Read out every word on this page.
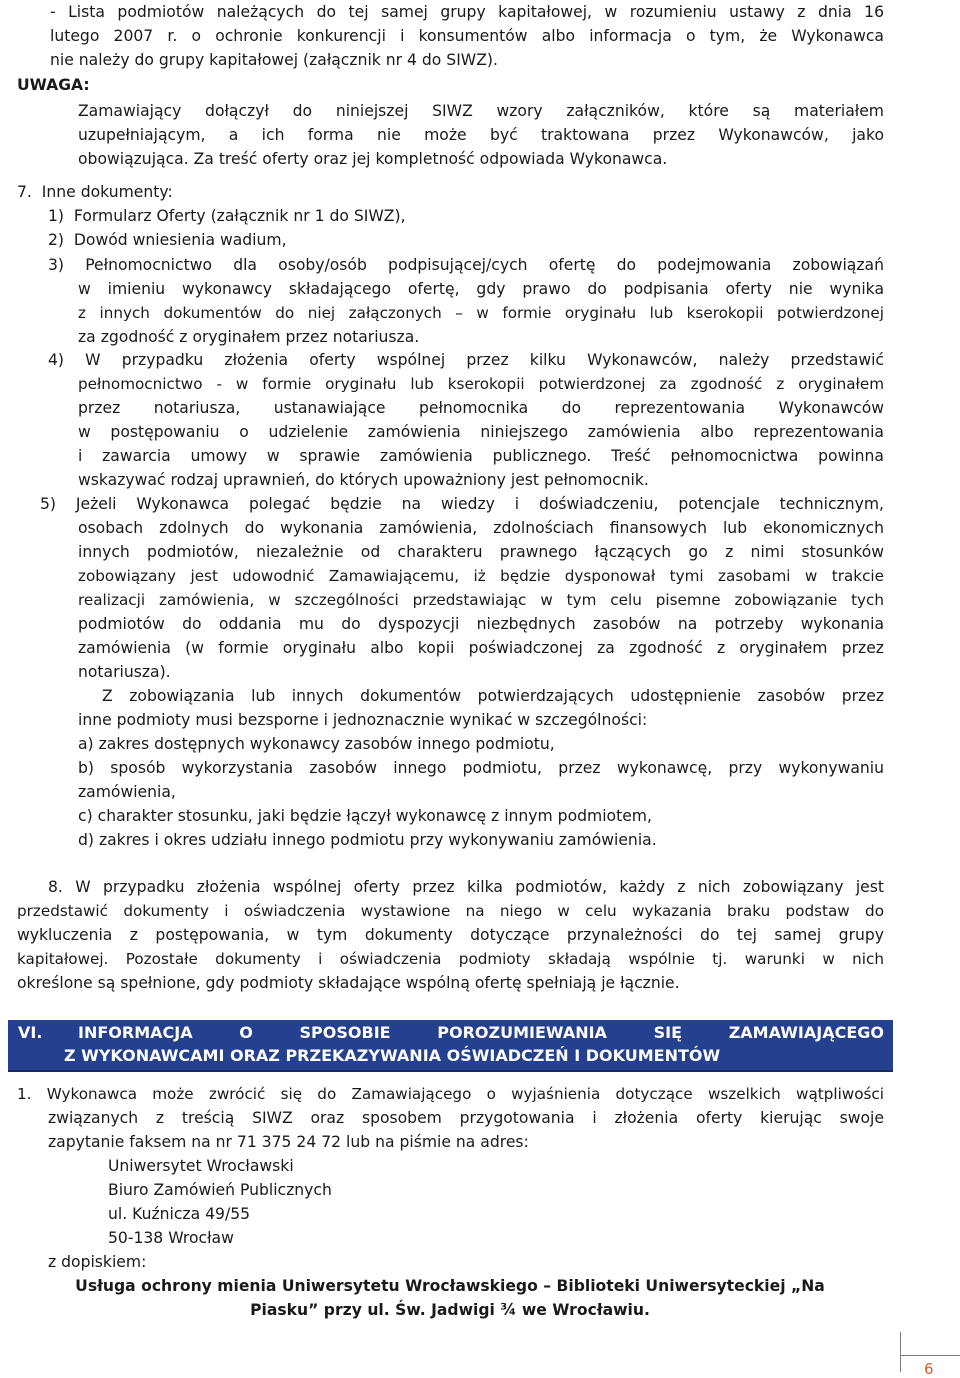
- Lista podmiotów należących do tej samej grupy kapitałowej, w rozumieniu ustawy z dnia 16
lutego 2007 r. o ochronie konkurencji i konsumentów albo informacja o tym, że Wykonawca
nie należy do grupy kapitałowej (załącznik nr 4 do SIWZ).
UWAGA:
Zamawiający dołączył do niniejszej SIWZ wzory załączników, które są materiałem
uzupełniającym, a ich forma nie może być traktowana przez Wykonawców, jako
obowiązująca. Za treść oferty oraz jej kompletność odpowiada Wykonawca.
7.  Inne dokumenty:
1)  Formularz Oferty (załącznik nr 1 do SIWZ),
2)  Dowód wniesienia wadium,
3) Pełnomocnictwo dla osoby/osób podpisującej/cych ofertę do podejmowania zobowiązań
w imieniu wykonawcy składającego ofertę, gdy prawo do podpisania oferty nie wynika
z innych dokumentów do niej załączonych – w formie oryginału lub kserokopii potwierdzonej
za zgodność z oryginałem przez notariusza.
4) W przypadku złożenia oferty wspólnej przez kilku Wykonawców, należy przedstawić
pełnomocnictwo - w formie oryginału lub kserokopii potwierdzonej za zgodność z oryginałem
przez notariusza, ustanawiające pełnomocnika do reprezentowania Wykonawców
w postępowaniu o udzielenie zamówienia niniejszego zamówienia albo reprezentowania
i zawarcia umowy w sprawie zamówienia publicznego. Treść pełnomocnictwa powinna
wskazywać rodzaj uprawnień, do których upoważniony jest pełnomocnik.
5) Jeżeli Wykonawca polegać będzie na wiedzy i doświadczeniu, potencjale technicznym,
osobach zdolnych do wykonania zamówienia, zdolnościach finansowych lub ekonomicznych
innych podmiotów, niezależnie od charakteru prawnego łączących go z nimi stosunków
zobowiązany jest udowodnić Zamawiającemu, iż będzie dysponował tymi zasobami w trakcie
realizacji zamówienia, w szczególności przedstawiając w tym celu pisemne zobowiązanie tych
podmiotów do oddania mu do dyspozycji niezbędnych zasobów na potrzeby wykonania
zamówienia (w formie oryginału albo kopii poświadczonej za zgodność z oryginałem przez
notariusza).
Z zobowiązania lub innych dokumentów potwierdzających udostępnienie zasobów przez
inne podmioty musi bezsporne i jednoznacznie wynikać w szczególności:
a) zakres dostępnych wykonawcy zasobów innego podmiotu,
b) sposób wykorzystania zasobów innego podmiotu, przez wykonawcę, przy wykonywaniu
zamówienia,
c) charakter stosunku, jaki będzie łączył wykonawcę z innym podmiotem,
d) zakres i okres udziału innego podmiotu przy wykonywaniu zamówienia.
8. W przypadku złożenia wspólnej oferty przez kilka podmiotów, każdy z nich zobowiązany jest
przedstawić dokumenty i oświadczenia wystawione na niego w celu wykazania braku podstaw do
wykluczenia z postępowania, w tym dokumenty dotyczące przynależności do tej samej grupy
kapitałowej. Pozostałe dokumenty i oświadczenia podmioty składają wspólnie tj. warunki w nich
określone są spełnione, gdy podmioty składające wspólną ofertę spełniają je łącznie.
VI. INFORMACJA O SPOSOBIE POROZUMIEWANIA SIĘ ZAMAWIAJĄCEGO
Z WYKONAWCAMI ORAZ PRZEKAZYWANIA OŚWIADCZEŃ I DOKUMENTÓW
1. Wykonawca może zwrócić się do Zamawiającego o wyjaśnienia dotyczące wszelkich wątpliwości
związanych z treścią SIWZ oraz sposobem przygotowania i złożenia oferty kierując swoje
zapytanie faksem na nr 71 375 24 72 lub na piśmie na adres:
Uniwersytet Wrocławski
Biuro Zamówień Publicznych
ul. Kuźnicza 49/55
50-138 Wrocław
z dopiskiem:
Usługa ochrony mienia Uniwersytetu Wrocławskiego – Biblioteki Uniwersyteckiej „Na
Piasku” przy ul. Św. Jadwigi ¾ we Wrocławiu.
6
